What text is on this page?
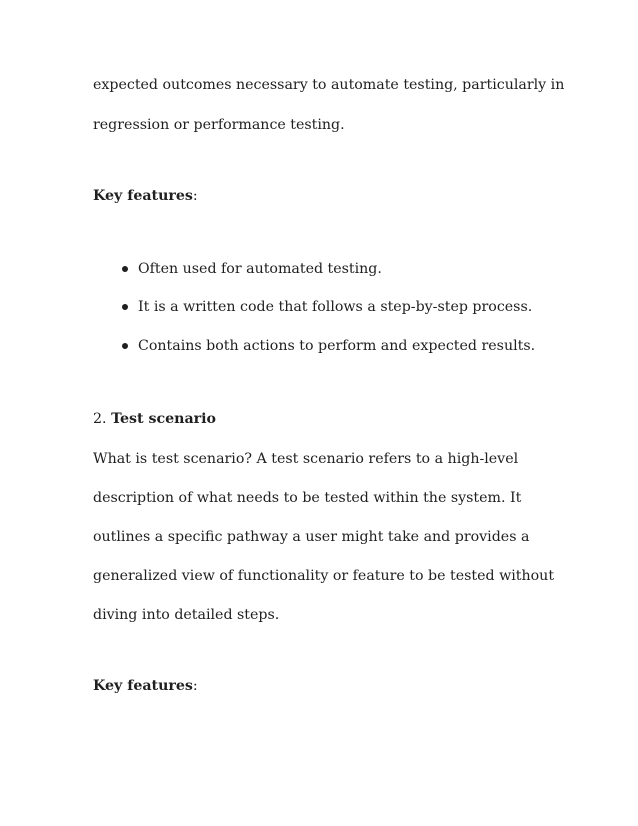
expected outcomes necessary to automate testing, particularly in
regression or performance testing.
Key features:
Often used for automated testing.
It is a written code that follows a step-by-step process.
Contains both actions to perform and expected results.
2. Test scenario
What is test scenario? A test scenario refers to a high-level
description of what needs to be tested within the system. It
outlines a specific pathway a user might take and provides a
generalized view of functionality or feature to be tested without
diving into detailed steps.
Key features:
